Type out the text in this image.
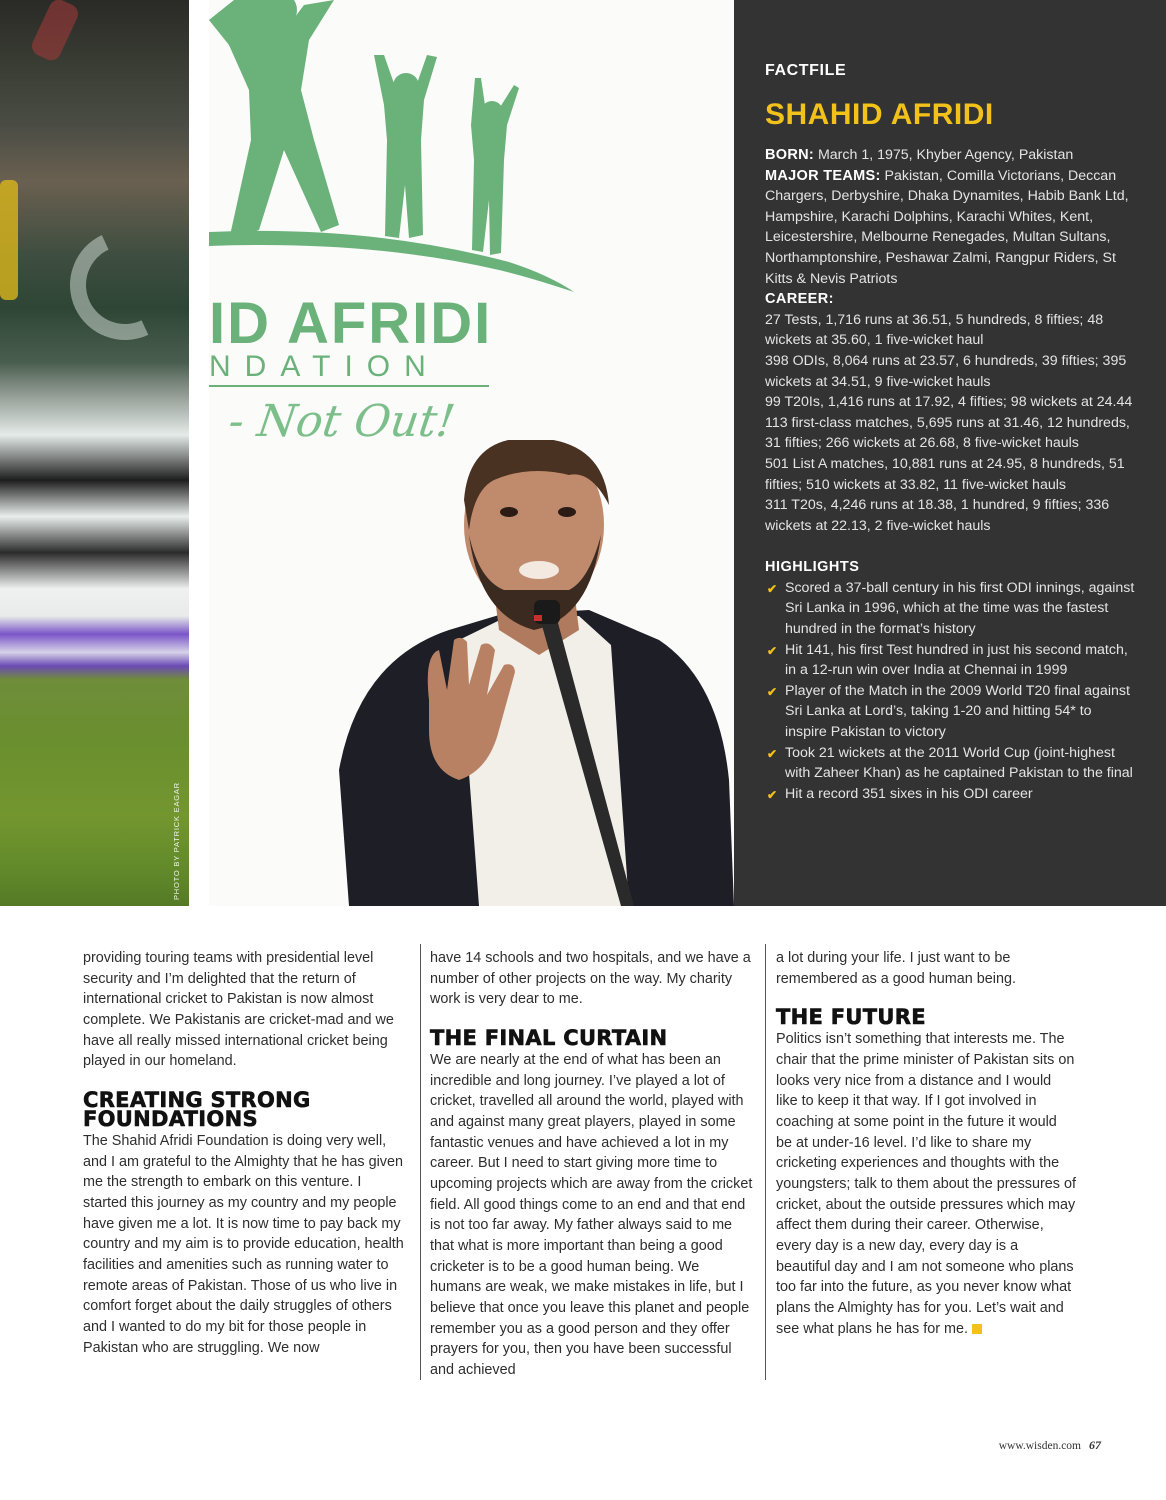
PHOTO BY PATRICK EAGAR
ID AFRIDI
NDATION
- Not Out!
FACTFILE
SHAHID AFRIDI
BORN: March 1, 1975, Khyber Agency, Pakistan
MAJOR TEAMS: Pakistan, Comilla Victorians, Deccan Chargers, Derbyshire, Dhaka Dynamites, Habib Bank Ltd, Hampshire, Karachi Dolphins, Karachi Whites, Kent, Leicestershire, Melbourne Renegades, Multan Sultans, Northamptonshire, Peshawar Zalmi, Rangpur Riders, St Kitts & Nevis Patriots
CAREER:
27 Tests, 1,716 runs at 36.51, 5 hundreds, 8 fifties; 48 wickets at 35.60, 1 five-wicket haul
398 ODIs, 8,064 runs at 23.57, 6 hundreds, 39 fifties; 395 wickets at 34.51, 9 five-wicket hauls
99 T20Is, 1,416 runs at 17.92, 4 fifties; 98 wickets at 24.44
113 first-class matches, 5,695 runs at 31.46, 12 hundreds, 31 fifties; 266 wickets at 26.68, 8 five-wicket hauls
501 List A matches, 10,881 runs at 24.95, 8 hundreds, 51 fifties; 510 wickets at 33.82, 11 five-wicket hauls
311 T20s, 4,246 runs at 18.38, 1 hundred, 9 fifties; 336 wickets at 22.13, 2 five-wicket hauls
HIGHLIGHTS
✔ Scored a 37-ball century in his first ODI innings, against Sri Lanka in 1996, which at the time was the fastest hundred in the format’s history
✔ Hit 141, his first Test hundred in just his second match, in a 12-run win over India at Chennai in 1999
✔ Player of the Match in the 2009 World T20 final against Sri Lanka at Lord’s, taking 1-20 and hitting 54* to inspire Pakistan to victory
✔ Took 21 wickets at the 2011 World Cup (joint-highest with Zaheer Khan) as he captained Pakistan to the final
✔ Hit a record 351 sixes in his ODI career

providing touring teams with presidential level security and I’m delighted that the return of international cricket to Pakistan is now almost complete. We Pakistanis are cricket-mad and we have all really missed international cricket being played in our homeland.

CREATING STRONG FOUNDATIONS

The Shahid Afridi Foundation is doing very well, and I am grateful to the Almighty that he has given me the strength to embark on this venture. I started this journey as my country and my people have given me a lot. It is now time to pay back my country and my aim is to provide education, health facilities and amenities such as running water to remote areas of Pakistan. Those of us who live in comfort forget about the daily struggles of others and I wanted to do my bit for those people in Pakistan who are struggling. We now

have 14 schools and two hospitals, and we have a number of other projects on the way. My charity work is very dear to me.

THE FINAL CURTAIN

We are nearly at the end of what has been an incredible and long journey. I’ve played a lot of cricket, travelled all around the world, played with and against many great players, played in some fantastic venues and have achieved a lot in my career. But I need to start giving more time to upcoming projects which are away from the cricket field. All good things come to an end and that end is not too far away. My father always said to me that what is more important than being a good cricketer is to be a good human being. We humans are weak, we make mistakes in life, but I believe that once you leave this planet and people remember you as a good person and they offer prayers for you, then you have been successful and achieved

a lot during your life. I just want to be remembered as a good human being.

THE FUTURE

Politics isn’t something that interests me. The chair that the prime minister of Pakistan sits on looks very nice from a distance and I would like to keep it that way. If I got involved in coaching at some point in the future it would be at under-16 level. I’d like to share my cricketing experiences and thoughts with the youngsters; talk to them about the pressures of cricket, about the outside pressures which may affect them during their career. Otherwise, every day is a new day, every day is a beautiful day and I am not someone who plans too far into the future, as you never know what plans the Almighty has for you. Let’s wait and see what plans he has for me.

www.wisden.com 67
